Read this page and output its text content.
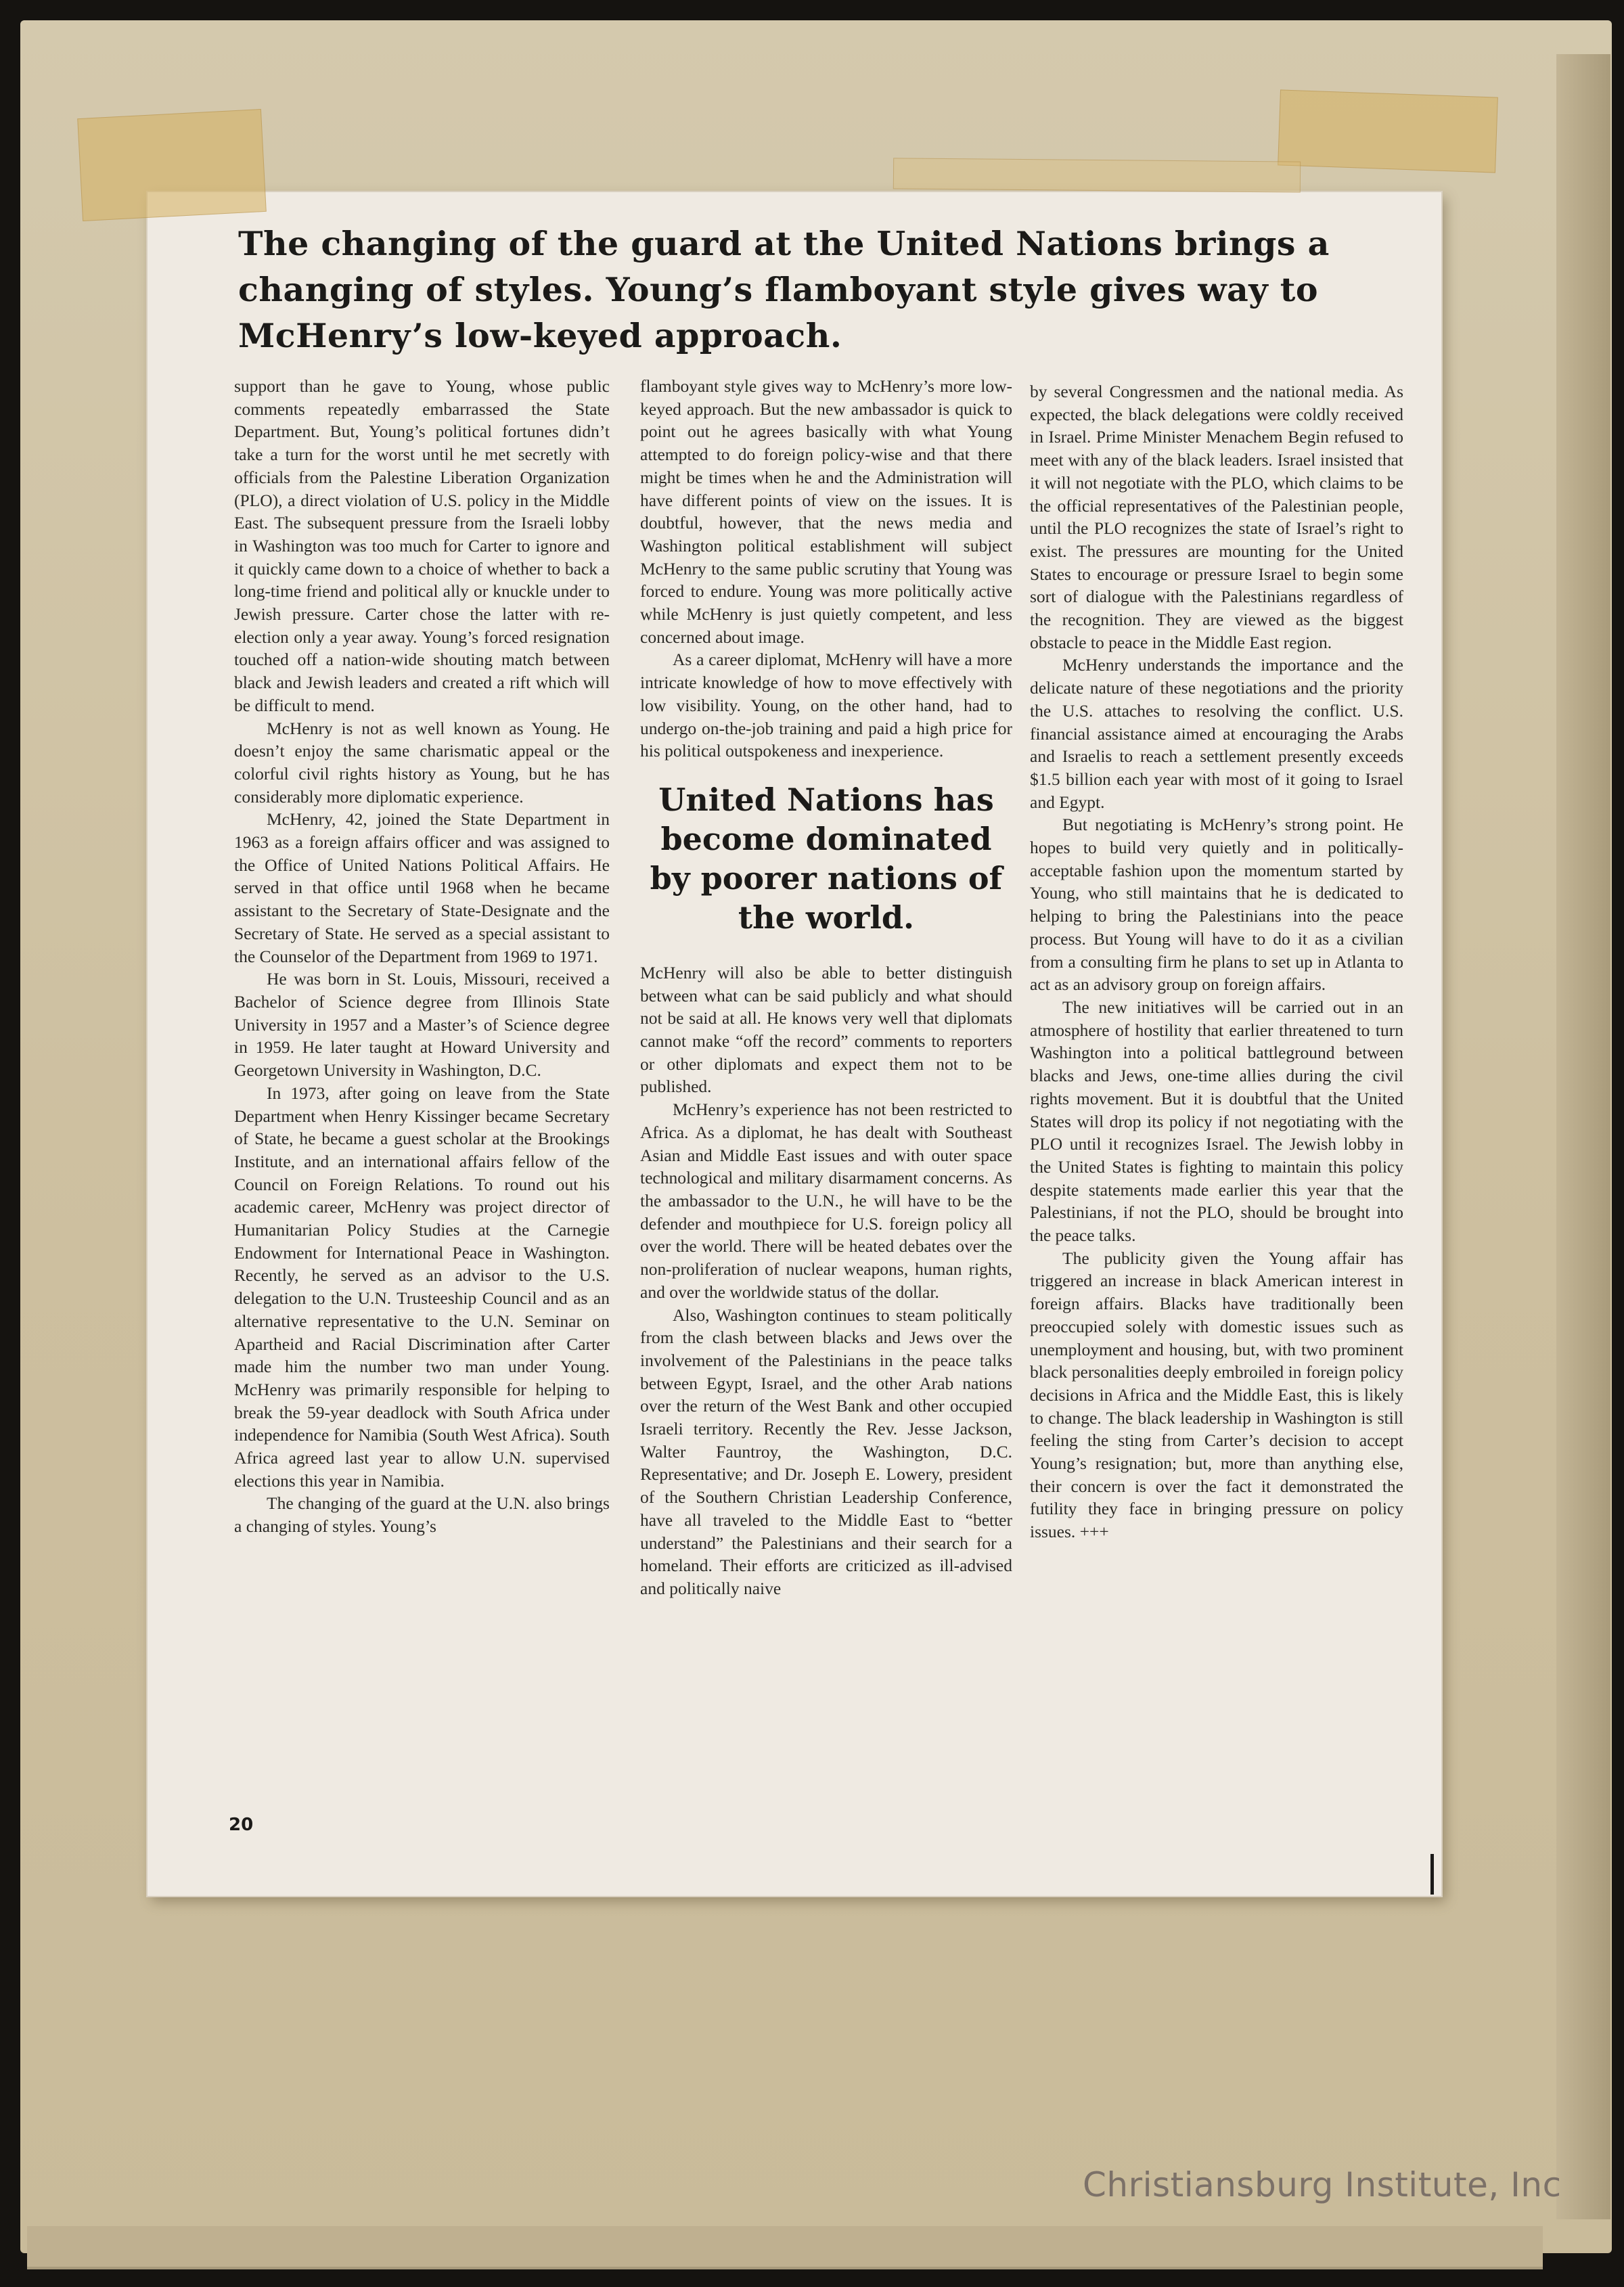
The changing of the guard at the United Nations brings a changing of styles. Young’s flamboyant style gives way to McHenry’s low-keyed approach.

support than he gave to Young, whose public comments repeatedly embarrassed the State Department. But, Young’s political fortunes didn’t take a turn for the worst until he met secretly with officials from the Palestine Liberation Organization (PLO), a direct violation of U.S. policy in the Middle East. The subsequent pressure from the Israeli lobby in Washington was too much for Carter to ignore and it quickly came down to a choice of whether to back a long-time friend and political ally or knuckle under to Jewish pressure. Carter chose the latter with re-election only a year away. Young’s forced resignation touched off a nation-wide shouting match between black and Jewish leaders and created a rift which will be difficult to mend.

McHenry is not as well known as Young. He doesn’t enjoy the same charismatic appeal or the colorful civil rights history as Young, but he has considerably more diplomatic experience.

McHenry, 42, joined the State Department in 1963 as a foreign affairs officer and was assigned to the Office of United Nations Political Affairs. He served in that office until 1968 when he became assistant to the Secretary of State-Designate and the Secretary of State. He served as a special assistant to the Counselor of the Department from 1969 to 1971.

He was born in St. Louis, Missouri, received a Bachelor of Science degree from Illinois State University in 1957 and a Master’s of Science degree in 1959. He later taught at Howard University and Georgetown University in Washington, D.C.

In 1973, after going on leave from the State Department when Henry Kissinger became Secretary of State, he became a guest scholar at the Brookings Institute, and an international affairs fellow of the Council on Foreign Relations. To round out his academic career, McHenry was project director of Humanitarian Policy Studies at the Carnegie Endowment for International Peace in Washington. Recently, he served as an advisor to the U.S. delegation to the U.N. Trusteeship Council and as an alternative representative to the U.N. Seminar on Apartheid and Racial Discrimination after Carter made him the number two man under Young. McHenry was primarily responsible for helping to break the 59-year deadlock with South Africa under independence for Namibia (South West Africa). South Africa agreed last year to allow U.N. supervised elections this year in Namibia.

The changing of the guard at the U.N. also brings a changing of styles. Young’s

flamboyant style gives way to McHenry’s more low-keyed approach. But the new ambassador is quick to point out he agrees basically with what Young attempted to do foreign policy-wise and that there might be times when he and the Administration will have different points of view on the issues. It is doubtful, however, that the news media and Washington political establishment will subject McHenry to the same public scrutiny that Young was forced to endure. Young was more politically active while McHenry is just quietly competent, and less concerned about image.

As a career diplomat, McHenry will have a more intricate knowledge of how to move effectively with low visibility. Young, on the other hand, had to undergo on-the-job training and paid a high price for his political outspokeness and inexperience.

United Nations has become dominated by poorer nations of the world.

McHenry will also be able to better distinguish between what can be said publicly and what should not be said at all. He knows very well that diplomats cannot make “off the record” comments to reporters or other diplomats and expect them not to be published.

McHenry’s experience has not been restricted to Africa. As a diplomat, he has dealt with Southeast Asian and Middle East issues and with outer space technological and military disarmament concerns. As the ambassador to the U.N., he will have to be the defender and mouthpiece for U.S. foreign policy all over the world. There will be heated debates over the non-proliferation of nuclear weapons, human rights, and over the worldwide status of the dollar.

Also, Washington continues to steam politically from the clash between blacks and Jews over the involvement of the Palestinians in the peace talks between Egypt, Israel, and the other Arab nations over the return of the West Bank and other occupied Israeli territory. Recently the Rev. Jesse Jackson, Walter Fauntroy, the Washington, D.C. Representative; and Dr. Joseph E. Lowery, president of the Southern Christian Leadership Conference, have all traveled to the Middle East to “better understand” the Palestinians and their search for a homeland. Their efforts are criticized as ill-advised and politically naive

by several Congressmen and the national media. As expected, the black delegations were coldly received in Israel. Prime Minister Menachem Begin refused to meet with any of the black leaders. Israel insisted that it will not negotiate with the PLO, which claims to be the official representatives of the Palestinian people, until the PLO recognizes the state of Israel’s right to exist. The pressures are mounting for the United States to encourage or pressure Israel to begin some sort of dialogue with the Palestinians regardless of the recognition. They are viewed as the biggest obstacle to peace in the Middle East region.

McHenry understands the importance and the delicate nature of these negotiations and the priority the U.S. attaches to resolving the conflict. U.S. financial assistance aimed at encouraging the Arabs and Israelis to reach a settlement presently exceeds $1.5 billion each year with most of it going to Israel and Egypt.

But negotiating is McHenry’s strong point. He hopes to build very quietly and in politically-acceptable fashion upon the momentum started by Young, who still maintains that he is dedicated to helping to bring the Palestinians into the peace process. But Young will have to do it as a civilian from a consulting firm he plans to set up in Atlanta to act as an advisory group on foreign affairs.

The new initiatives will be carried out in an atmosphere of hostility that earlier threatened to turn Washington into a political battleground between blacks and Jews, one-time allies during the civil rights movement. But it is doubtful that the United States will drop its policy if not negotiating with the PLO until it recognizes Israel. The Jewish lobby in the United States is fighting to maintain this policy despite statements made earlier this year that the Palestinians, if not the PLO, should be brought into the peace talks.

The publicity given the Young affair has triggered an increase in black American interest in foreign affairs. Blacks have traditionally been preoccupied solely with domestic issues such as unemployment and housing, but, with two prominent black personalities deeply embroiled in foreign policy decisions in Africa and the Middle East, this is likely to change. The black leadership in Washington is still feeling the sting from Carter’s decision to accept Young’s resignation; but, more than anything else, their concern is over the fact it demonstrated the futility they face in bringing pressure on policy issues. +++

20
Christiansburg Institute, Inc
